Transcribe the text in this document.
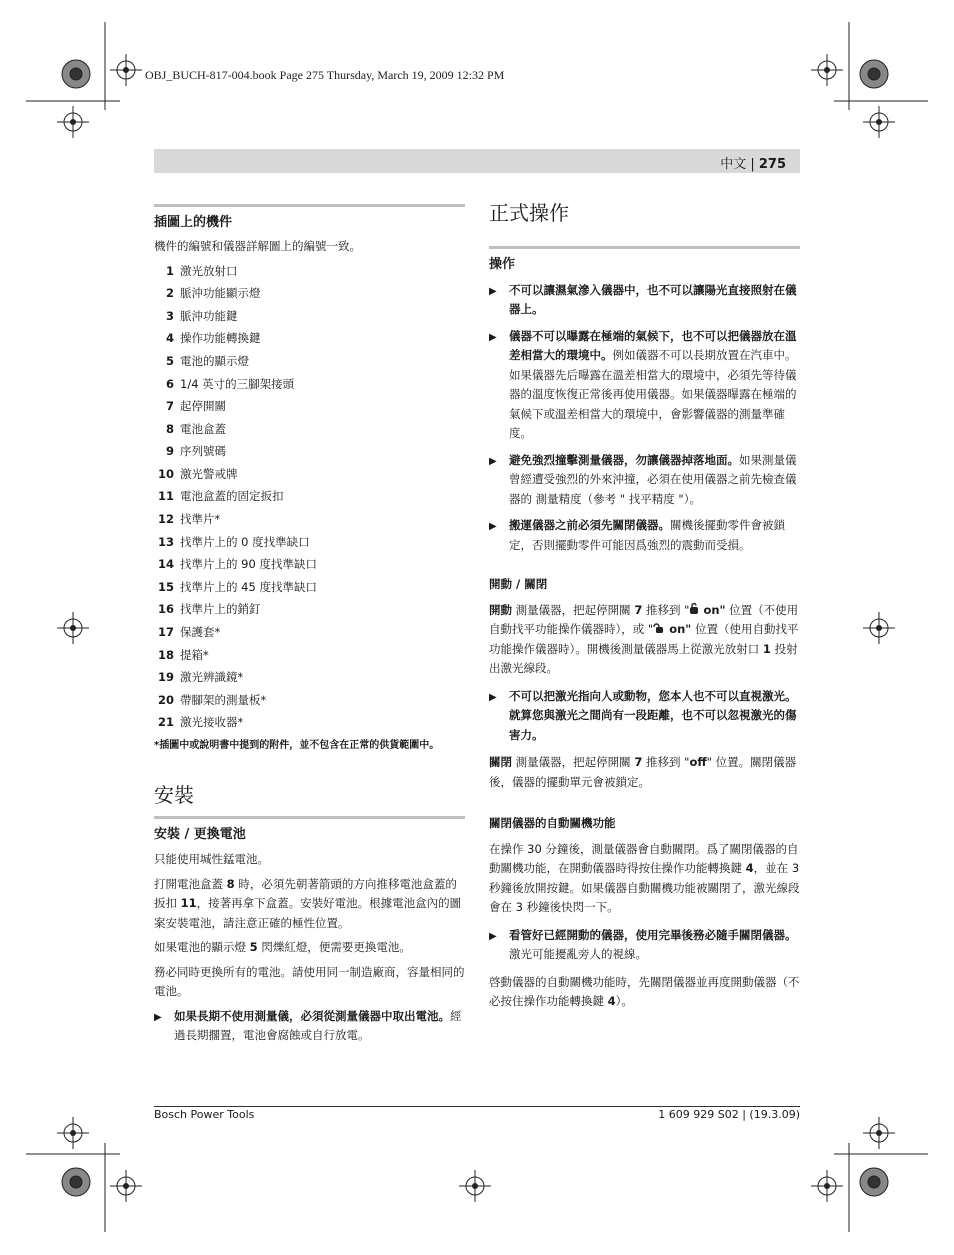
OBJ_BUCH-817-004.book Page 275 Thursday, March 19, 2009 12:32 PM
中文 | 275
插圖上的機件

機件的編號和儀器詳解圖上的編號一致。

1 激光放射口
2 脈沖功能顯示燈
3 脈沖功能鍵
4 操作功能轉換鍵
5 電池的顯示燈
6 1/4 英寸的三腳架接頭
7 起停開關
8 電池盒蓋
9 序列號碼
10 激光警戒牌
11 電池盒蓋的固定扳扣
12 找準片*
13 找準片上的 0 度找準缺口
14 找準片上的 90 度找準缺口
15 找準片上的 45 度找準缺口
16 找準片上的銷釘
17 保護套*
18 提箱*
19 激光辨識鏡*
20 帶腳架的測量板*
21 激光接收器*

*插圖中或說明書中提到的附件，並不包含在正常的供貨範圍中。

安裝
安裝 / 更換電池

只能使用堿性錳電池。

打開電池盒蓋 8 時，必須先朝著箭頭的方向推移電池盒蓋的扳扣 11，接著再拿下盒蓋。安裝好電池。根據電池盒內的圖案安裝電池，請注意正確的極性位置。

如果電池的顯示燈 5 閃爍紅燈，便需要更換電池。

務必同時更換所有的電池。請使用同一制造廠商，容量相同的電池。

▶	如果長期不使用測量儀，必須從測量儀器中取出電池。經過長期擱置，電池會腐蝕或自行放電。
正式操作
操作
▶	不可以讓濕氣滲入儀器中，也不可以讓陽光直接照射在儀器上。
▶	儀器不可以曝露在極端的氣候下，也不可以把儀器放在溫差相當大的環境中。例如儀器不可以長期放置在汽車中。如果儀器先后曝露在溫差相當大的環境中，必須先等待儀器的溫度恢復正常後再使用儀器。如果儀器曝露在極端的氣候下或溫差相當大的環境中，會影響儀器的測量準確度。
▶	避免強烈撞擊測量儀器，勿讓儀器掉落地面。如果測量儀曾經遭受強烈的外來沖撞，必須在使用儀器之前先檢查儀器的 測量精度（參考 " 找平精度 "）。
▶	搬運儀器之前必須先關閉儀器。關機後擺動零件會被鎖定，否則擺動零件可能因爲強烈的震動而受損。
開動 / 關閉

開動 測量儀器，把起停開關 7 推移到 " on" 位置（不使用自動找平功能操作儀器時），或 " on" 位置（使用自動找平功能操作儀器時）。開機後測量儀器馬上從激光放射口 1 投射出激光線段。

▶	不可以把激光指向人或動物，您本人也不可以直視激光。就算您與激光之間尚有一段距離，也不可以忽視激光的傷害力。

關閉 測量儀器，把起停開關 7 推移到 "off" 位置。關閉儀器後，儀器的擺動單元會被鎖定。

關閉儀器的自動關機功能

在操作 30 分鐘後，測量儀器會自動關閉。爲了關閉儀器的自動關機功能，在開動儀器時得按住操作功能轉換鍵 4，並在 3 秒鐘後放開按鍵。如果儀器自動關機功能被關閉了，激光線段會在 3 秒鐘後快閃一下。

▶	看管好已經開動的儀器，使用完畢後務必隨手關閉儀器。激光可能擾亂旁人的視線。

啓動儀器的自動關機功能時，先關閉儀器並再度開動儀器（不必按住操作功能轉換鍵 4）。

Bosch Power Tools	1 609 929 S02 | (19.3.09)
